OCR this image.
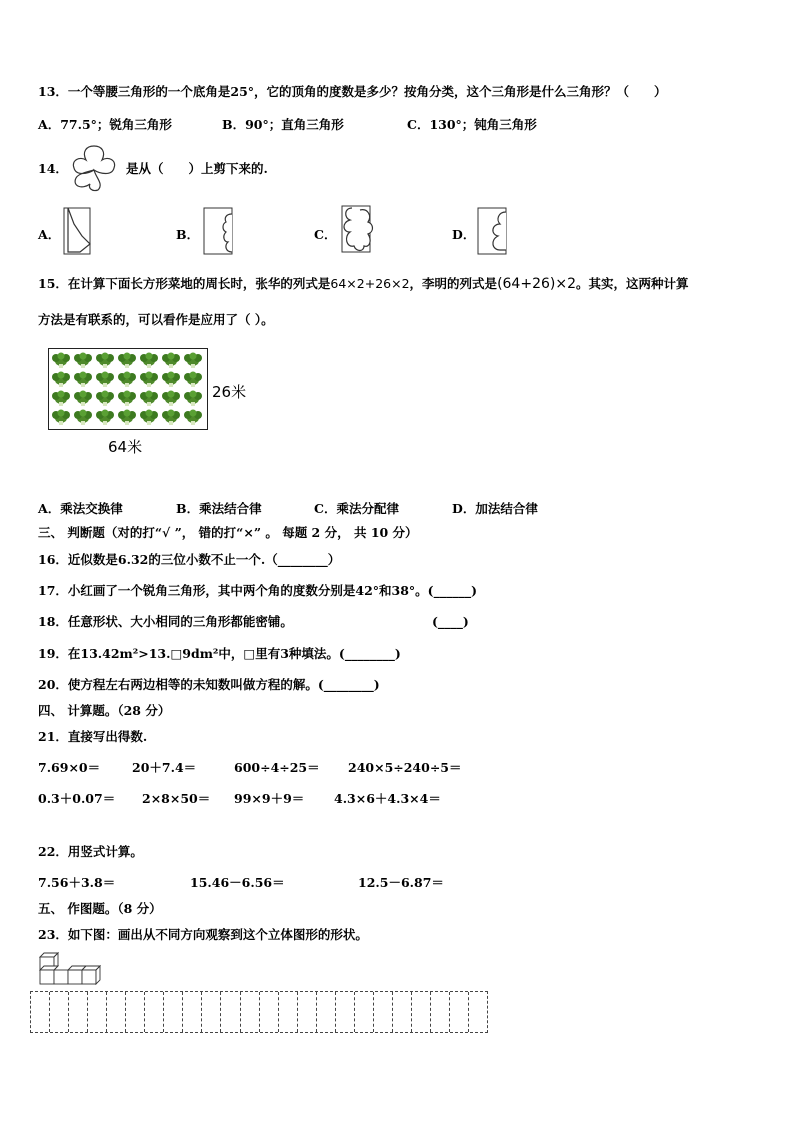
13．一个等腰三角形的一个底角是25°，它的顶角的度数是多少？按角分类，这个三角形是什么三角形？（　　）
A．77.5°；锐角三角形	B．90°；直角三角形	C．130°；钝角三角形
14．	是从（　　）上剪下来的.
A．	B．	C．	D．
15．在计算下面长方形菜地的周长时，张华的列式是64×2+26×2，李明的列式是(64+26)×2。其实，这两种计算
方法是有联系的，可以看作是应用了（ ）。
26米
64米
A．乘法交换律	B．乘法结合律	C．乘法分配律	D．加法结合律
三、 判断题（对的打“√ ”， 错的打“×” 。 每题 2 分， 共 10 分）
16．近似数是6.32的三位小数不止一个.（________）
17．小红画了一个锐角三角形，其中两个角的度数分别是42°和38°。(______)
18．任意形状、大小相同的三角形都能密铺。	(____)
19．在13.42m²>13.□9dm²中，□里有3种填法。(________)
20．使方程左右两边相等的未知数叫做方程的解。(________)
四、 计算题。（28 分）
21．直接写出得数.
7.69×0＝	20＋7.4＝	600÷4÷25＝ 240×5÷240÷5＝
0.3＋0.07＝ 2×8×50＝ 99×9＋9＝ 4.3×6＋4.3×4＝
22．用竖式计算。
7.56＋3.8＝	15.46－6.56＝	12.5－6.87＝
五、 作图题。（8 分）
23．如下图：画出从不同方向观察到这个立体图形的形状。
